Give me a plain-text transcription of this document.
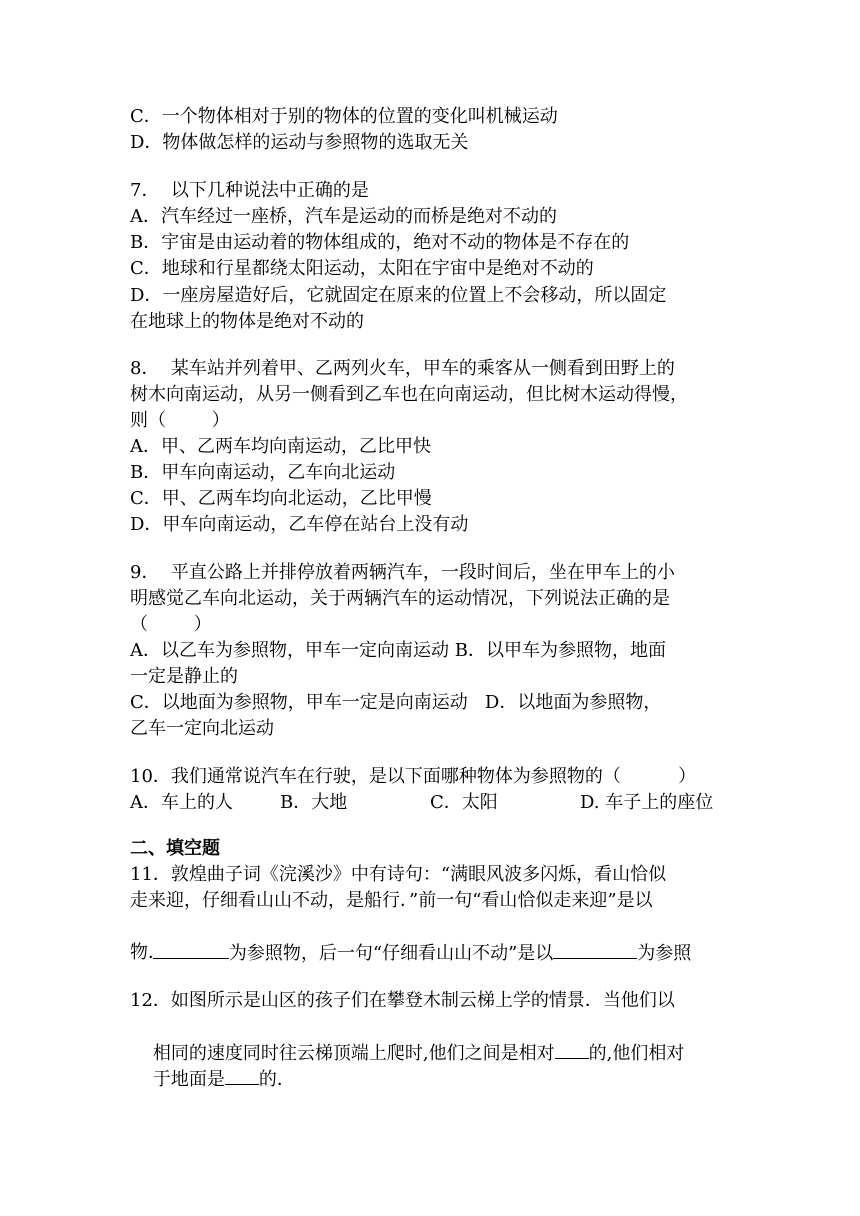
C．一个物体相对于别的物体的位置的变化叫机械运动
D．物体做怎样的运动与参照物的选取无关
7．  以下几种说法中正确的是
A．汽车经过一座桥，汽车是运动的而桥是绝对不动的
B．宇宙是由运动着的物体组成的，绝对不动的物体是不存在的
C．地球和行星都绕太阳运动，太阳在宇宙中是绝对不动的
D．一座房屋造好后，它就固定在原来的位置上不会移动，所以固定
在地球上的物体是绝对不动的
8．  某车站并列着甲、乙两列火车，甲车的乘客从一侧看到田野上的
树木向南运动，从另一侧看到乙车也在向南运动，但比树木运动得慢，
则（        ）
A．甲、乙两车均向南运动，乙比甲快
B．甲车向南运动，乙车向北运动
C．甲、乙两车均向北运动，乙比甲慢
D．甲车向南运动，乙车停在站台上没有动
9．  平直公路上并排停放着两辆汽车，一段时间后，坐在甲车上的小
明感觉乙车向北运动，关于两辆汽车的运动情况，下列说法正确的是
（        ）
A．以乙车为参照物，甲车一定向南运动 B．以甲车为参照物，地面
一定是静止的
C．以地面为参照物，甲车一定是向南运动   D．以地面为参照物，
乙车一定向北运动
10．我们通常说汽车在行驶，是以下面哪种物体为参照物的（          ）
A．车上的人	B．大地	C．太阳	D. 车子上的座位
二、填空题
11．敦煌曲子词《浣溪沙》中有诗句：“满眼风波多闪烁，看山恰似
走来迎，仔细看山山不动，是船行．”前一句“看山恰似走来迎”是以

为参照物，后一句“仔细看山山不动”是以	为参照

物．
12．如图所示是山区的孩子们在攀登木制云梯上学的情景．当他们以

相同的速度同时往云梯顶端上爬时,他们之间是相对 的,他们相对

于地面是 的．
